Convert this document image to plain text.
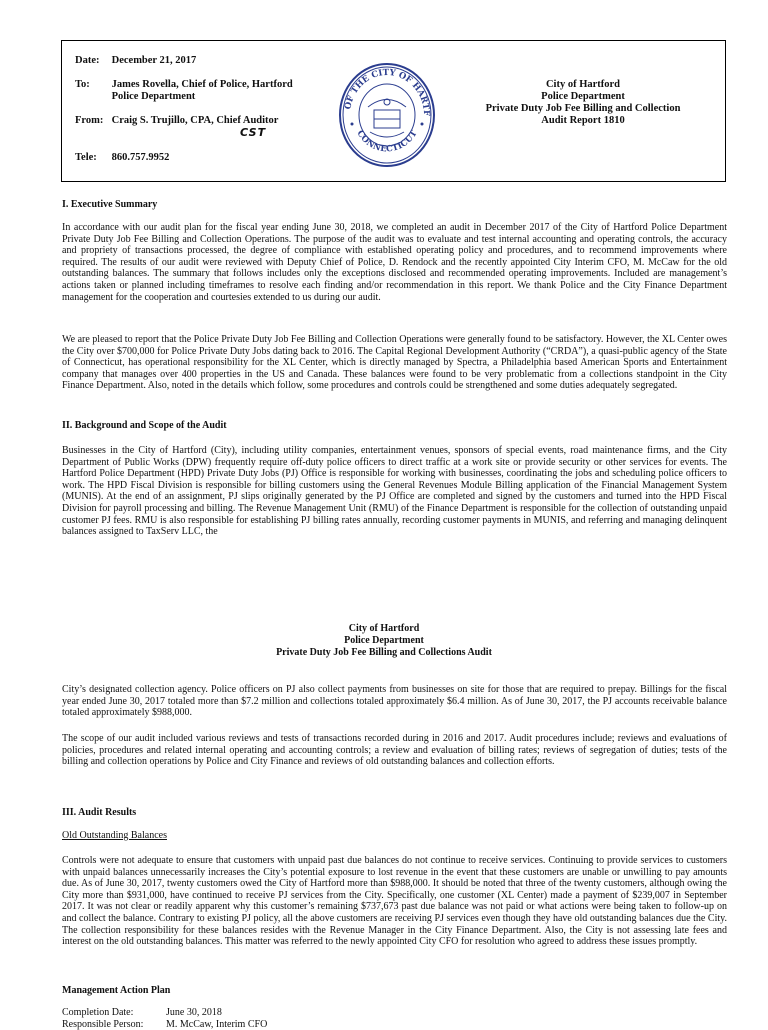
Date: December 21, 2017
To: James Rovella, Chief of Police, Hartford
Police Department
From: Craig S. Trujillo, CPA, Chief Auditor
Tele: 860.757.9952
CST
OF THE CITY OF HARTF
CONNECTICUT
City of Hartford
Police Department
Private Duty Job Fee Billing and Collection
Audit Report 1810
I. Executive Summary
In accordance with our audit plan for the fiscal year ending June 30, 2018, we completed an audit in December 2017 of the City of Hartford Police Department Private Duty Job Fee Billing and Collection Operations. The purpose of the audit was to evaluate and test internal accounting and operating controls, the accuracy and propriety of transactions processed, the degree of compliance with established operating policy and procedures, and to recommend improvements where required. The results of our audit were reviewed with Deputy Chief of Police, D. Rendock and the recently appointed City Interim CFO, M. McCaw for the old outstanding balances. The summary that follows includes only the exceptions disclosed and recommended operating improvements. Included are management’s actions taken or planned including timeframes to resolve each finding and/or recommendation in this report. We thank Police and the City Finance Department management for the cooperation and courtesies extended to us during our audit.
We are pleased to report that the Police Private Duty Job Fee Billing and Collection Operations were generally found to be satisfactory. However, the XL Center owes the City over $700,000 for Police Private Duty Jobs dating back to 2016. The Capital Regional Development Authority (“CRDA”), a quasi-public agency of the State of Connecticut, has operational responsibility for the XL Center, which is directly managed by Spectra, a Philadelphia based American Sports and Entertainment company that manages over 400 properties in the US and Canada. These balances were found to be very problematic from a collections standpoint in the City Finance Department. Also, noted in the details which follow, some procedures and controls could be strengthened and some duties adequately segregated.
II. Background and Scope of the Audit
Businesses in the City of Hartford (City), including utility companies, entertainment venues, sponsors of special events, road maintenance firms, and the City Department of Public Works (DPW) frequently require off-duty police officers to direct traffic at a work site or provide security or other services for events. The Hartford Police Department (HPD) Private Duty Jobs (PJ) Office is responsible for working with businesses, coordinating the jobs and scheduling police officers to work. The HPD Fiscal Division is responsible for billing customers using the General Revenues Module Billing application of the Financial Management System (MUNIS). At the end of an assignment, PJ slips originally generated by the PJ Office are completed and signed by the customers and turned into the HPD Fiscal Division for payroll processing and billing. The Revenue Management Unit (RMU) of the Finance Department is responsible for the collection of outstanding unpaid customer PJ fees. RMU is also responsible for establishing PJ billing rates annually, recording customer payments in MUNIS, and referring and managing delinquent balances assigned to TaxServ LLC, the
City of Hartford
Police Department
Private Duty Job Fee Billing and Collections Audit
City’s designated collection agency. Police officers on PJ also collect payments from businesses on site for those that are required to prepay. Billings for the fiscal year ended June 30, 2017 totaled more than $7.2 million and collections totaled approximately $6.4 million. As of June 30, 2017, the PJ accounts receivable balance totaled approximately $988,000.
The scope of our audit included various reviews and tests of transactions recorded during in 2016 and 2017. Audit procedures include; reviews and evaluations of policies, procedures and related internal operating and accounting controls; a review and evaluation of billing rates; reviews of segregation of duties; tests of the billing and collection operations by Police and City Finance and reviews of old outstanding balances and collection efforts.
III. Audit Results
Old Outstanding Balances
Controls were not adequate to ensure that customers with unpaid past due balances do not continue to receive services. Continuing to provide services to customers with unpaid balances unnecessarily increases the City’s potential exposure to lost revenue in the event that these customers are unable or unwilling to pay amounts due. As of June 30, 2017, twenty customers owed the City of Hartford more than $988,000. It should be noted that three of the twenty customers, although owing the City more than $931,000, have continued to receive PJ services from the City. Specifically, one customer (XL Center) made a payment of $239,007 in September 2017. It was not clear or readily apparent why this customer’s remaining $737,673 past due balance was not paid or what actions were being taken to follow-up on and collect the balance. Contrary to existing PJ policy, all the above customers are receiving PJ services even though they have old outstanding balances due the City. The collection responsibility for these balances resides with the Revenue Manager in the City Finance Department. Also, the City is not assessing late fees and interest on the old outstanding balances. This matter was referred to the newly appointed City CFO for resolution who agreed to address these issues promptly.
Management Action Plan
Completion Date:	June 30, 2018
Responsible Person: M. McCaw, Interim CFO
